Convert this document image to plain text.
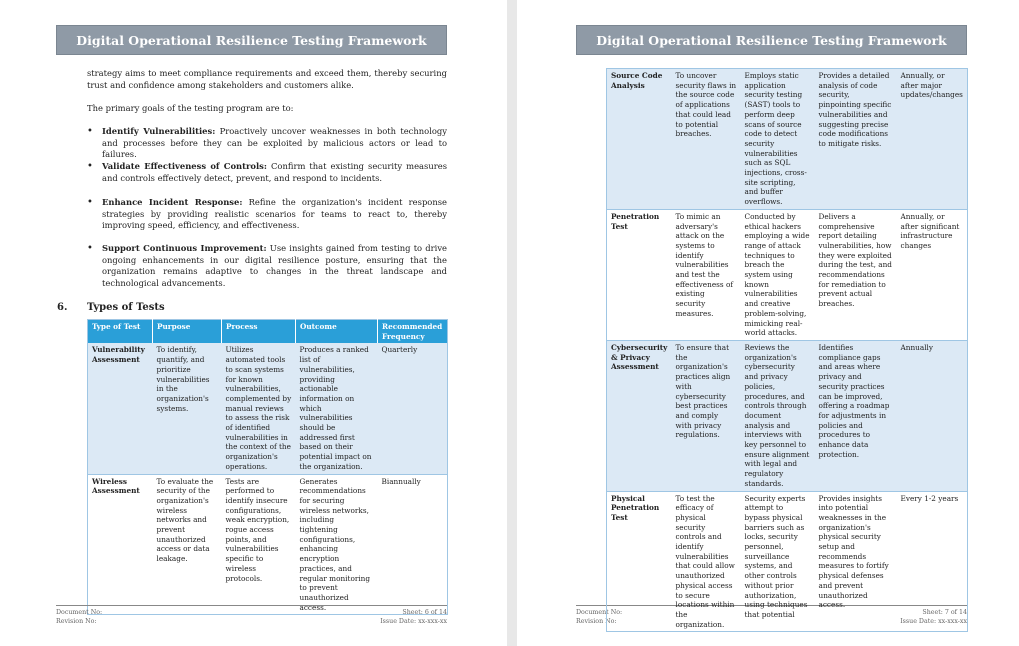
Digital Operational Resilience Testing Framework

strategy aims to meet compliance requirements and exceed them, thereby securing trust and confidence among stakeholders and customers alike.

The primary goals of the testing program are to:

• Identify Vulnerabilities: Proactively uncover weaknesses in both technology and processes before they can be exploited by malicious actors or lead to failures.
• Validate Effectiveness of Controls: Confirm that existing security measures and controls effectively detect, prevent, and respond to incidents.
• Enhance Incident Response: Refine the organization's incident response strategies by providing realistic scenarios for teams to react to, thereby improving speed, efficiency, and effectiveness.
• Support Continuous Improvement: Use insights gained from testing to drive ongoing enhancements in our digital resilience posture, ensuring that the organization remains adaptive to changes in the threat landscape and technological advancements.
6. Types of Tests
Type of Test	Purpose	Process	Outcome	Recommended Frequency
Vulnerability Assessment	To identify, quantify, and prioritize vulnerabilities in the organization's systems.	Utilizes automated tools to scan systems for known vulnerabilities, complemented by manual reviews to assess the risk of identified vulnerabilities in the context of the organization's operations.	Produces a ranked list of vulnerabilities, providing actionable information on which vulnerabilities should be addressed first based on their potential impact on the organization.	Quarterly
Wireless Assessment	To evaluate the security of the organization's wireless networks and prevent unauthorized access or data leakage.	Tests are performed to identify insecure configurations, weak encryption, rogue access points, and vulnerabilities specific to wireless protocols.	Generates recommendations for securing wireless networks, including tightening configurations, enhancing encryption practices, and regular monitoring to prevent unauthorized access.	Biannually
Document No:
Revision No:
Sheet: 6 of 14
Issue Date: xx-xxx-xx
Digital Operational Resilience Testing Framework
Document No:
Revision No:
Sheet: 7 of 14
Issue Date: xx-xxx-xx
Source Code Analysis	To uncover security flaws in the source code of applications that could lead to potential breaches.	Employs static application security testing (SAST) tools to perform deep scans of source code to detect security vulnerabilities such as SQL injections, cross-site scripting, and buffer overflows.	Provides a detailed analysis of code security, pinpointing specific vulnerabilities and suggesting precise code modifications to mitigate risks.	Annually, or after major updates/changes
Penetration Test	To mimic an adversary's attack on the systems to identify vulnerabilities and test the effectiveness of existing security measures.	Conducted by ethical hackers employing a wide range of attack techniques to breach the system using known vulnerabilities and creative problem-solving, mimicking real-world attacks.	Delivers a comprehensive report detailing vulnerabilities, how they were exploited during the test, and recommendations for remediation to prevent actual breaches.	Annually, or after significant infrastructure changes
Cybersecurity & Privacy Assessment	To ensure that the organization's practices align with cybersecurity best practices and comply with privacy regulations.	Reviews the organization's cybersecurity and privacy policies, procedures, and controls through document analysis and interviews with key personnel to ensure alignment with legal and regulatory standards.	Identifies compliance gaps and areas where privacy and security practices can be improved, offering a roadmap for adjustments in policies and procedures to enhance data protection.	Annually
Physical Penetration Test	To test the efficacy of physical security controls and identify vulnerabilities that could allow unauthorized physical access to secure locations within the organization.	Security experts attempt to bypass physical barriers such as locks, security personnel, surveillance systems, and other controls without prior authorization, using techniques that potential	Provides insights into potential weaknesses in the organization's physical security setup and recommends measures to fortify physical defenses and prevent unauthorized access.	Every 1-2 years
